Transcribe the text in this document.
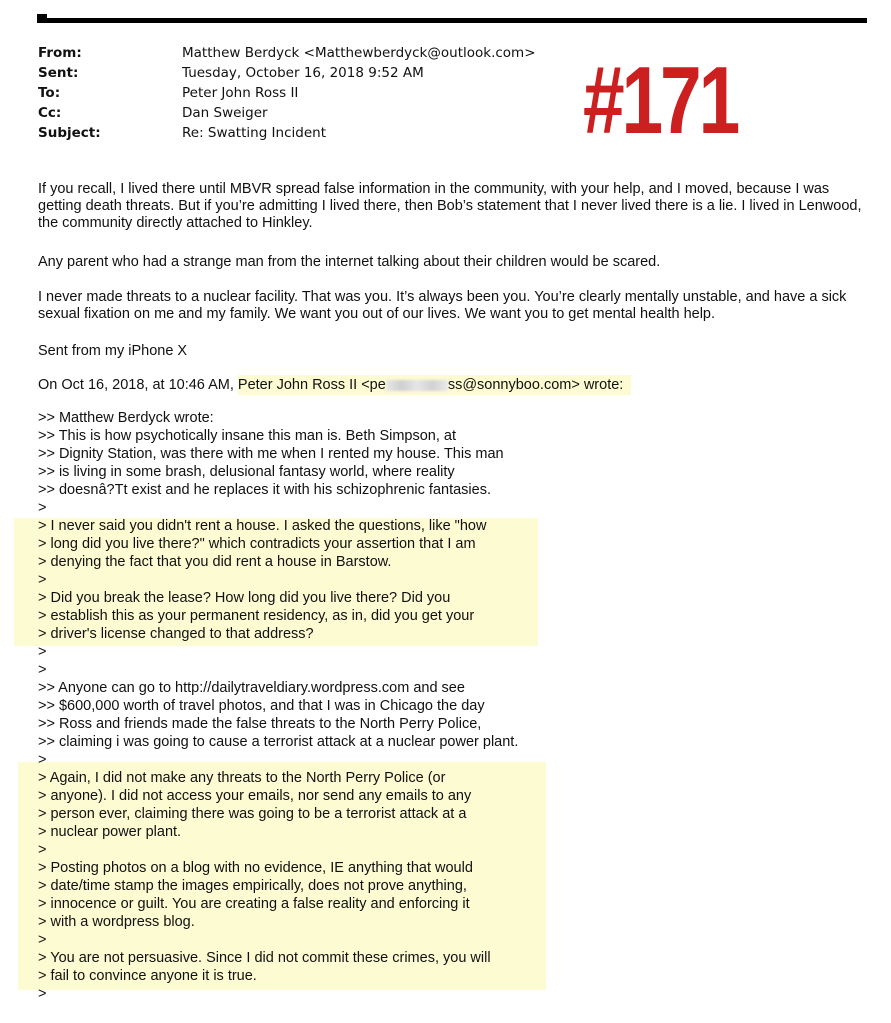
From:	Matthew Berdyck <Matthewberdyck@outlook.com>
Sent:	Tuesday, October 16, 2018 9:52 AM
To:	Peter John Ross II
Cc:	Dan Sweiger
Subject:	Re: Swatting Incident	#171

If you recall, I lived there until MBVR spread false information in the community, with your help, and I moved, because I was getting death threats. But if you’re admitting I lived there, then Bob’s statement that I never lived there is a lie. I lived in Lenwood, the community directly attached to Hinkley.

Any parent who had a strange man from the internet talking about their children would be scared.

I never made threats to a nuclear facility. That was you. It’s always been you. You’re clearly mentally unstable, and have a sick sexual fixation on me and my family. We want you out of our lives. We want you to get mental health help.

Sent from my iPhone X

On Oct 16, 2018, at 10:46 AM, Peter John Ross II <pe	ss@sonnyboo.com> wrote:
>> Matthew Berdyck wrote:
>> This is how psychotically insane this man is. Beth Simpson, at
>> Dignity Station, was there with me when I rented my house. This man
>> is living in some brash, delusional fantasy world, where reality
>> doesnâ?Tt exist and he replaces it with his schizophrenic fantasies.
>
> I never said you didn't rent a house. I asked the questions, like "how
> long did you live there?" which contradicts your assertion that I am
> denying the fact that you did rent a house in Barstow.
>
> Did you break the lease? How long did you live there? Did you
> establish this as your permanent residency, as in, did you get your
> driver's license changed to that address?
>
>
>> Anyone can go to http://dailytraveldiary.wordpress.com and see
>> $600,000 worth of travel photos, and that I was in Chicago the day
>> Ross and friends made the false threats to the North Perry Police,
>> claiming i was going to cause a terrorist attack at a nuclear power plant.
>
> Again, I did not make any threats to the North Perry Police (or
> anyone). I did not access your emails, nor send any emails to any
> person ever, claiming there was going to be a terrorist attack at a
> nuclear power plant.
>
> Posting photos on a blog with no evidence, IE anything that would
> date/time stamp the images empirically, does not prove anything,
> innocence or guilt. You are creating a false reality and enforcing it
> with a wordpress blog.
>
> You are not persuasive. Since I did not commit these crimes, you will
> fail to convince anyone it is true.
>
